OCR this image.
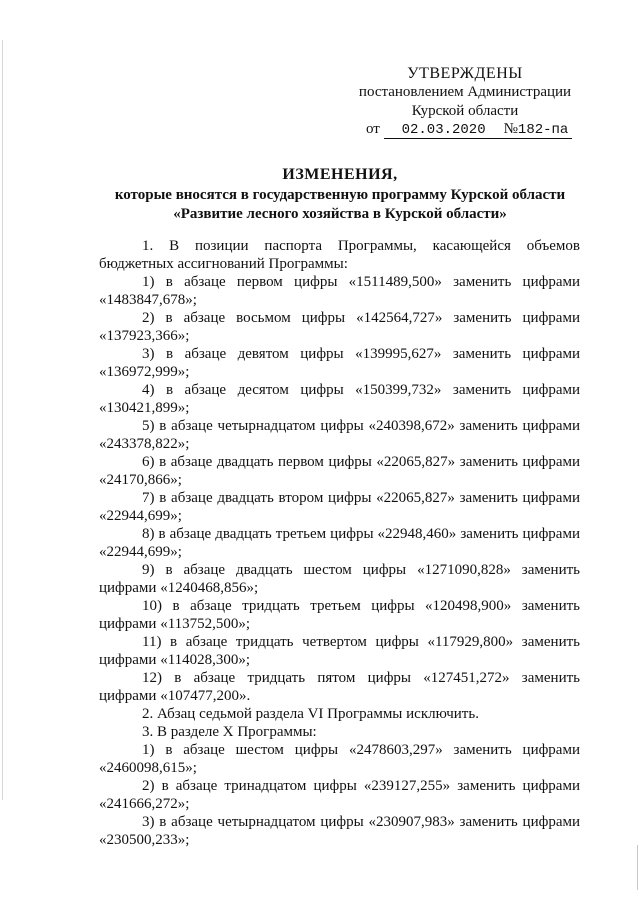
УТВЕРЖДЕНЫ
постановлением Администрации
Курской области
от 02.03.2020 №182-па
ИЗМЕНЕНИЯ,
которые вносятся в государственную программу Курской области
«Развитие лесного хозяйства в Курской области»

1. В позиции паспорта Программы, касающейся объемов бюджетных ассигнований Программы:

1) в абзаце первом цифры «1511489,500» заменить цифрами «1483847,678»;

2) в абзаце восьмом цифры «142564,727» заменить цифрами «137923,366»;

3) в абзаце девятом цифры «139995,627» заменить цифрами «136972,999»;

4) в абзаце десятом цифры «150399,732» заменить цифрами «130421,899»;

5) в абзаце четырнадцатом цифры «240398,672» заменить цифрами «243378,822»;

6) в абзаце двадцать первом цифры «22065,827» заменить цифрами «24170,866»;

7) в абзаце двадцать втором цифры «22065,827» заменить цифрами «22944,699»;

8) в абзаце двадцать третьем цифры «22948,460» заменить цифрами «22944,699»;

9) в абзаце двадцать шестом цифры «1271090,828» заменить цифрами «1240468,856»;

10) в абзаце тридцать третьем цифры «120498,900» заменить цифрами «113752,500»;

11) в абзаце тридцать четвертом цифры «117929,800» заменить цифрами «114028,300»;

12) в абзаце тридцать пятом цифры «127451,272» заменить цифрами «107477,200».

2. Абзац седьмой раздела VI Программы исключить.

3. В разделе X Программы:

1) в абзаце шестом цифры «2478603,297» заменить цифрами «2460098,615»;

2) в абзаце тринадцатом цифры «239127,255» заменить цифрами «241666,272»;

3) в абзаце четырнадцатом цифры «230907,983» заменить цифрами «230500,233»;
